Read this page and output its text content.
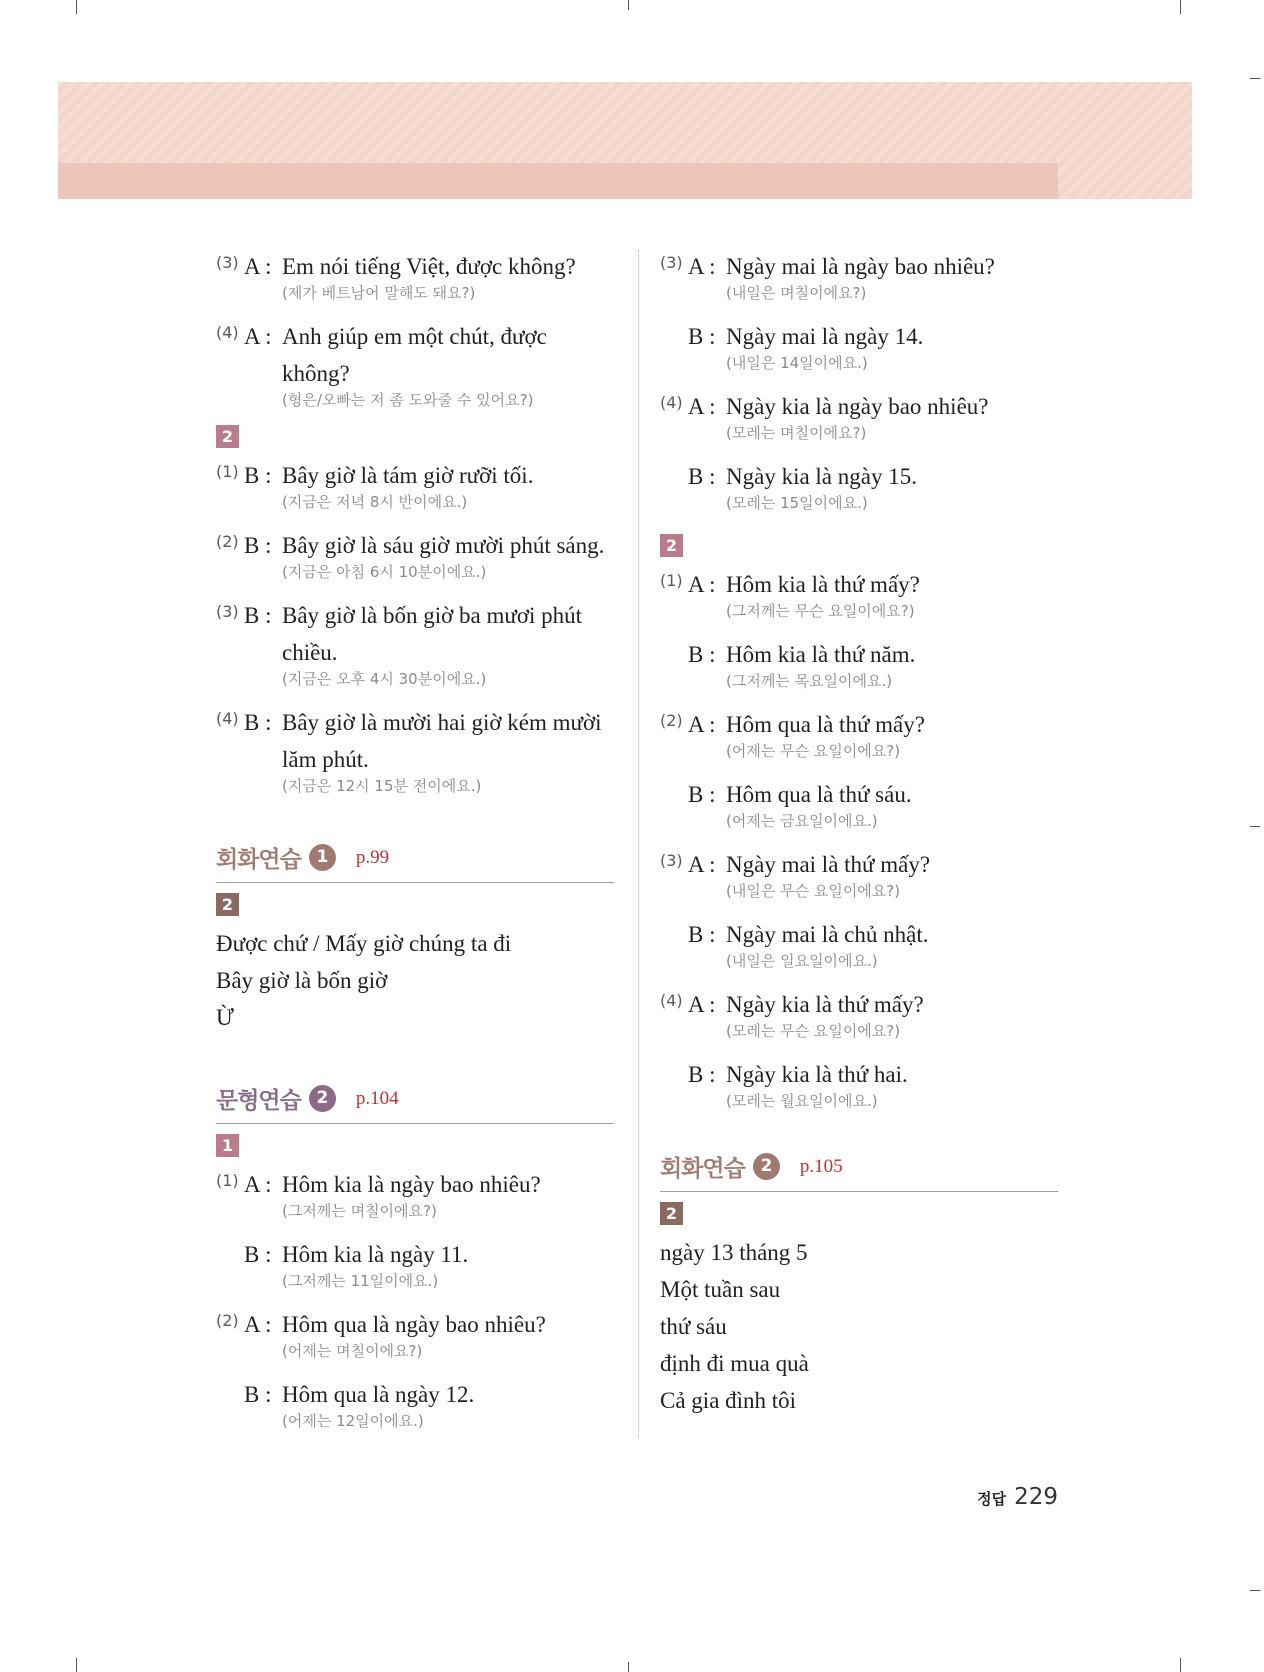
(3) A : Em nói tiếng Việt, được không?
(제가 베트남어 말해도 돼요?)
(4) A : Anh giúp em một chút, được không?
(형은/오빠는 저 좀 도와줄 수 있어요?)
2
(1) B : Bây giờ là tám giờ rưỡi tối.
(지금은 저녁 8시 반이에요.)
(2) B : Bây giờ là sáu giờ mười phút sáng.
(지금은 아침 6시 10분이에요.)
(3) B : Bây giờ là bốn giờ ba mươi phút chiều.
(지금은 오후 4시 30분이에요.)
(4) B : Bây giờ là mười hai giờ kém mười lăm phút.
(지금은 12시 15분 전이에요.)
회화연습 1	p.99
2
Được chứ / Mấy giờ chúng ta đi
Bây giờ là bốn giờ
Ừ
문형연습 2	p.104
1
(1) A : Hôm kia là ngày bao nhiêu?
(그저께는 며칠이에요?)
B : Hôm kia là ngày 11.
(그저께는 11일이에요.)
(2) A : Hôm qua là ngày bao nhiêu?
(어제는 며칠이에요?)
B : Hôm qua là ngày 12.
(어제는 12일이에요.)
(3) A : Ngày mai là ngày bao nhiêu?
(내일은 며칠이에요?)
B : Ngày mai là ngày 14.
(내일은 14일이에요.)
(4) A : Ngày kia là ngày bao nhiêu?
(모레는 며칠이에요?)
B : Ngày kia là ngày 15.
(모레는 15일이에요.)
2
(1) A : Hôm kia là thứ mấy?
(그저께는 무슨 요일이에요?)
B : Hôm kia là thứ năm.
(그저께는 목요일이에요.)
(2) A : Hôm qua là thứ mấy?
(어제는 무슨 요일이에요?)
B : Hôm qua là thứ sáu.
(어제는 금요일이에요.)
(3) A : Ngày mai là thứ mấy?
(내일은 무슨 요일이에요?)
B : Ngày mai là chủ nhật.
(내일은 일요일이에요.)
(4) A : Ngày kia là thứ mấy?
(모레는 무슨 요일이에요?)
B : Ngày kia là thứ hai.
(모레는 월요일이에요.)
회화연습 2	p.105
2
ngày 13 tháng 5
Một tuần sau
thứ sáu
định đi mua quà
Cả gia đình tôi
정답 229
